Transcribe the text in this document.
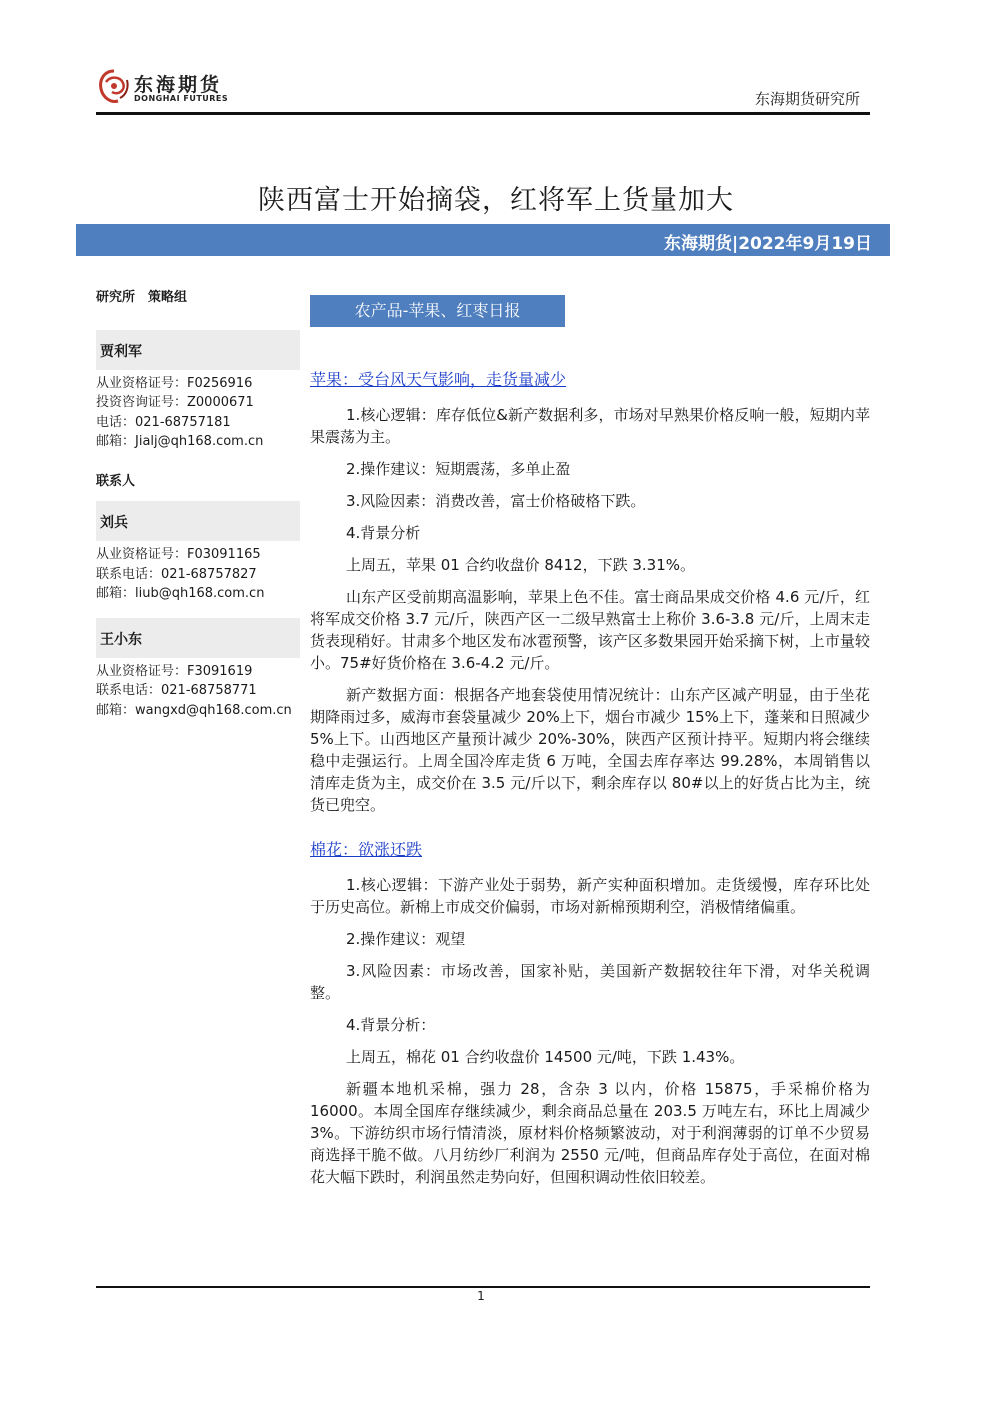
东海期货
DONGHAI FUTURES	东海期货研究所
陕西富士开始摘袋，红将军上货量加大
东海期货|2022年9月19日
研究所　策略组
贾利军
从业资格证号：F0256916
投资咨询证号：Z0000671
电话：021-68757181
邮箱：Jialj@qh168.com.cn
联系人
刘兵
从业资格证号：F03091165
联系电话：021-68757827
邮箱：liub@qh168.com.cn
王小东
从业资格证号：F3091619
联系电话：021-68758771
邮箱：wangxd@qh168.com.cn
农产品-苹果、红枣日报
苹果：受台风天气影响，走货量减少

1.核心逻辑：库存低位&新产数据利多，市场对早熟果价格反响一般，短期内苹果震荡为主。

2.操作建议：短期震荡，多单止盈

3.风险因素：消费改善，富士价格破格下跌。

4.背景分析

上周五，苹果 01 合约收盘价 8412，下跌 3.31%。

山东产区受前期高温影响，苹果上色不佳。富士商品果成交价格 4.6 元/斤，红将军成交价格 3.7 元/斤，陕西产区一二级早熟富士上称价 3.6-3.8 元/斤，上周末走货表现稍好。甘肃多个地区发布冰雹预警，该产区多数果园开始采摘下树，上市量较小。75#好货价格在 3.6-4.2 元/斤。

新产数据方面：根据各产地套袋使用情况统计：山东产区减产明显，由于坐花期降雨过多，威海市套袋量减少 20%上下，烟台市减少 15%上下，蓬莱和日照减少 5%上下。山西地区产量预计减少 20%-30%，陕西产区预计持平。短期内将会继续稳中走强运行。上周全国冷库走货 6 万吨，全国去库存率达 99.28%，本周销售以清库走货为主，成交价在 3.5 元/斤以下，剩余库存以 80#以上的好货占比为主，统货已兜空。

棉花：欲涨还跌

1.核心逻辑：下游产业处于弱势，新产实种面积增加。走货缓慢，库存环比处于历史高位。新棉上市成交价偏弱，市场对新棉预期利空，消极情绪偏重。

2.操作建议：观望

3.风险因素：市场改善，国家补贴，美国新产数据较往年下滑，对华关税调整。

4.背景分析：

上周五，棉花 01 合约收盘价 14500 元/吨，下跌 1.43%。

新疆本地机采棉，强力 28，含杂 3 以内，价格 15875，手采棉价格为 16000。本周全国库存继续减少，剩余商品总量在 203.5 万吨左右，环比上周减少 3%。下游纺织市场行情清淡，原材料价格频繁波动，对于利润薄弱的订单不少贸易商选择干脆不做。八月纺纱厂利润为 2550 元/吨，但商品库存处于高位，在面对棉花大幅下跌时，利润虽然走势向好，但囤积调动性依旧较差。

1
